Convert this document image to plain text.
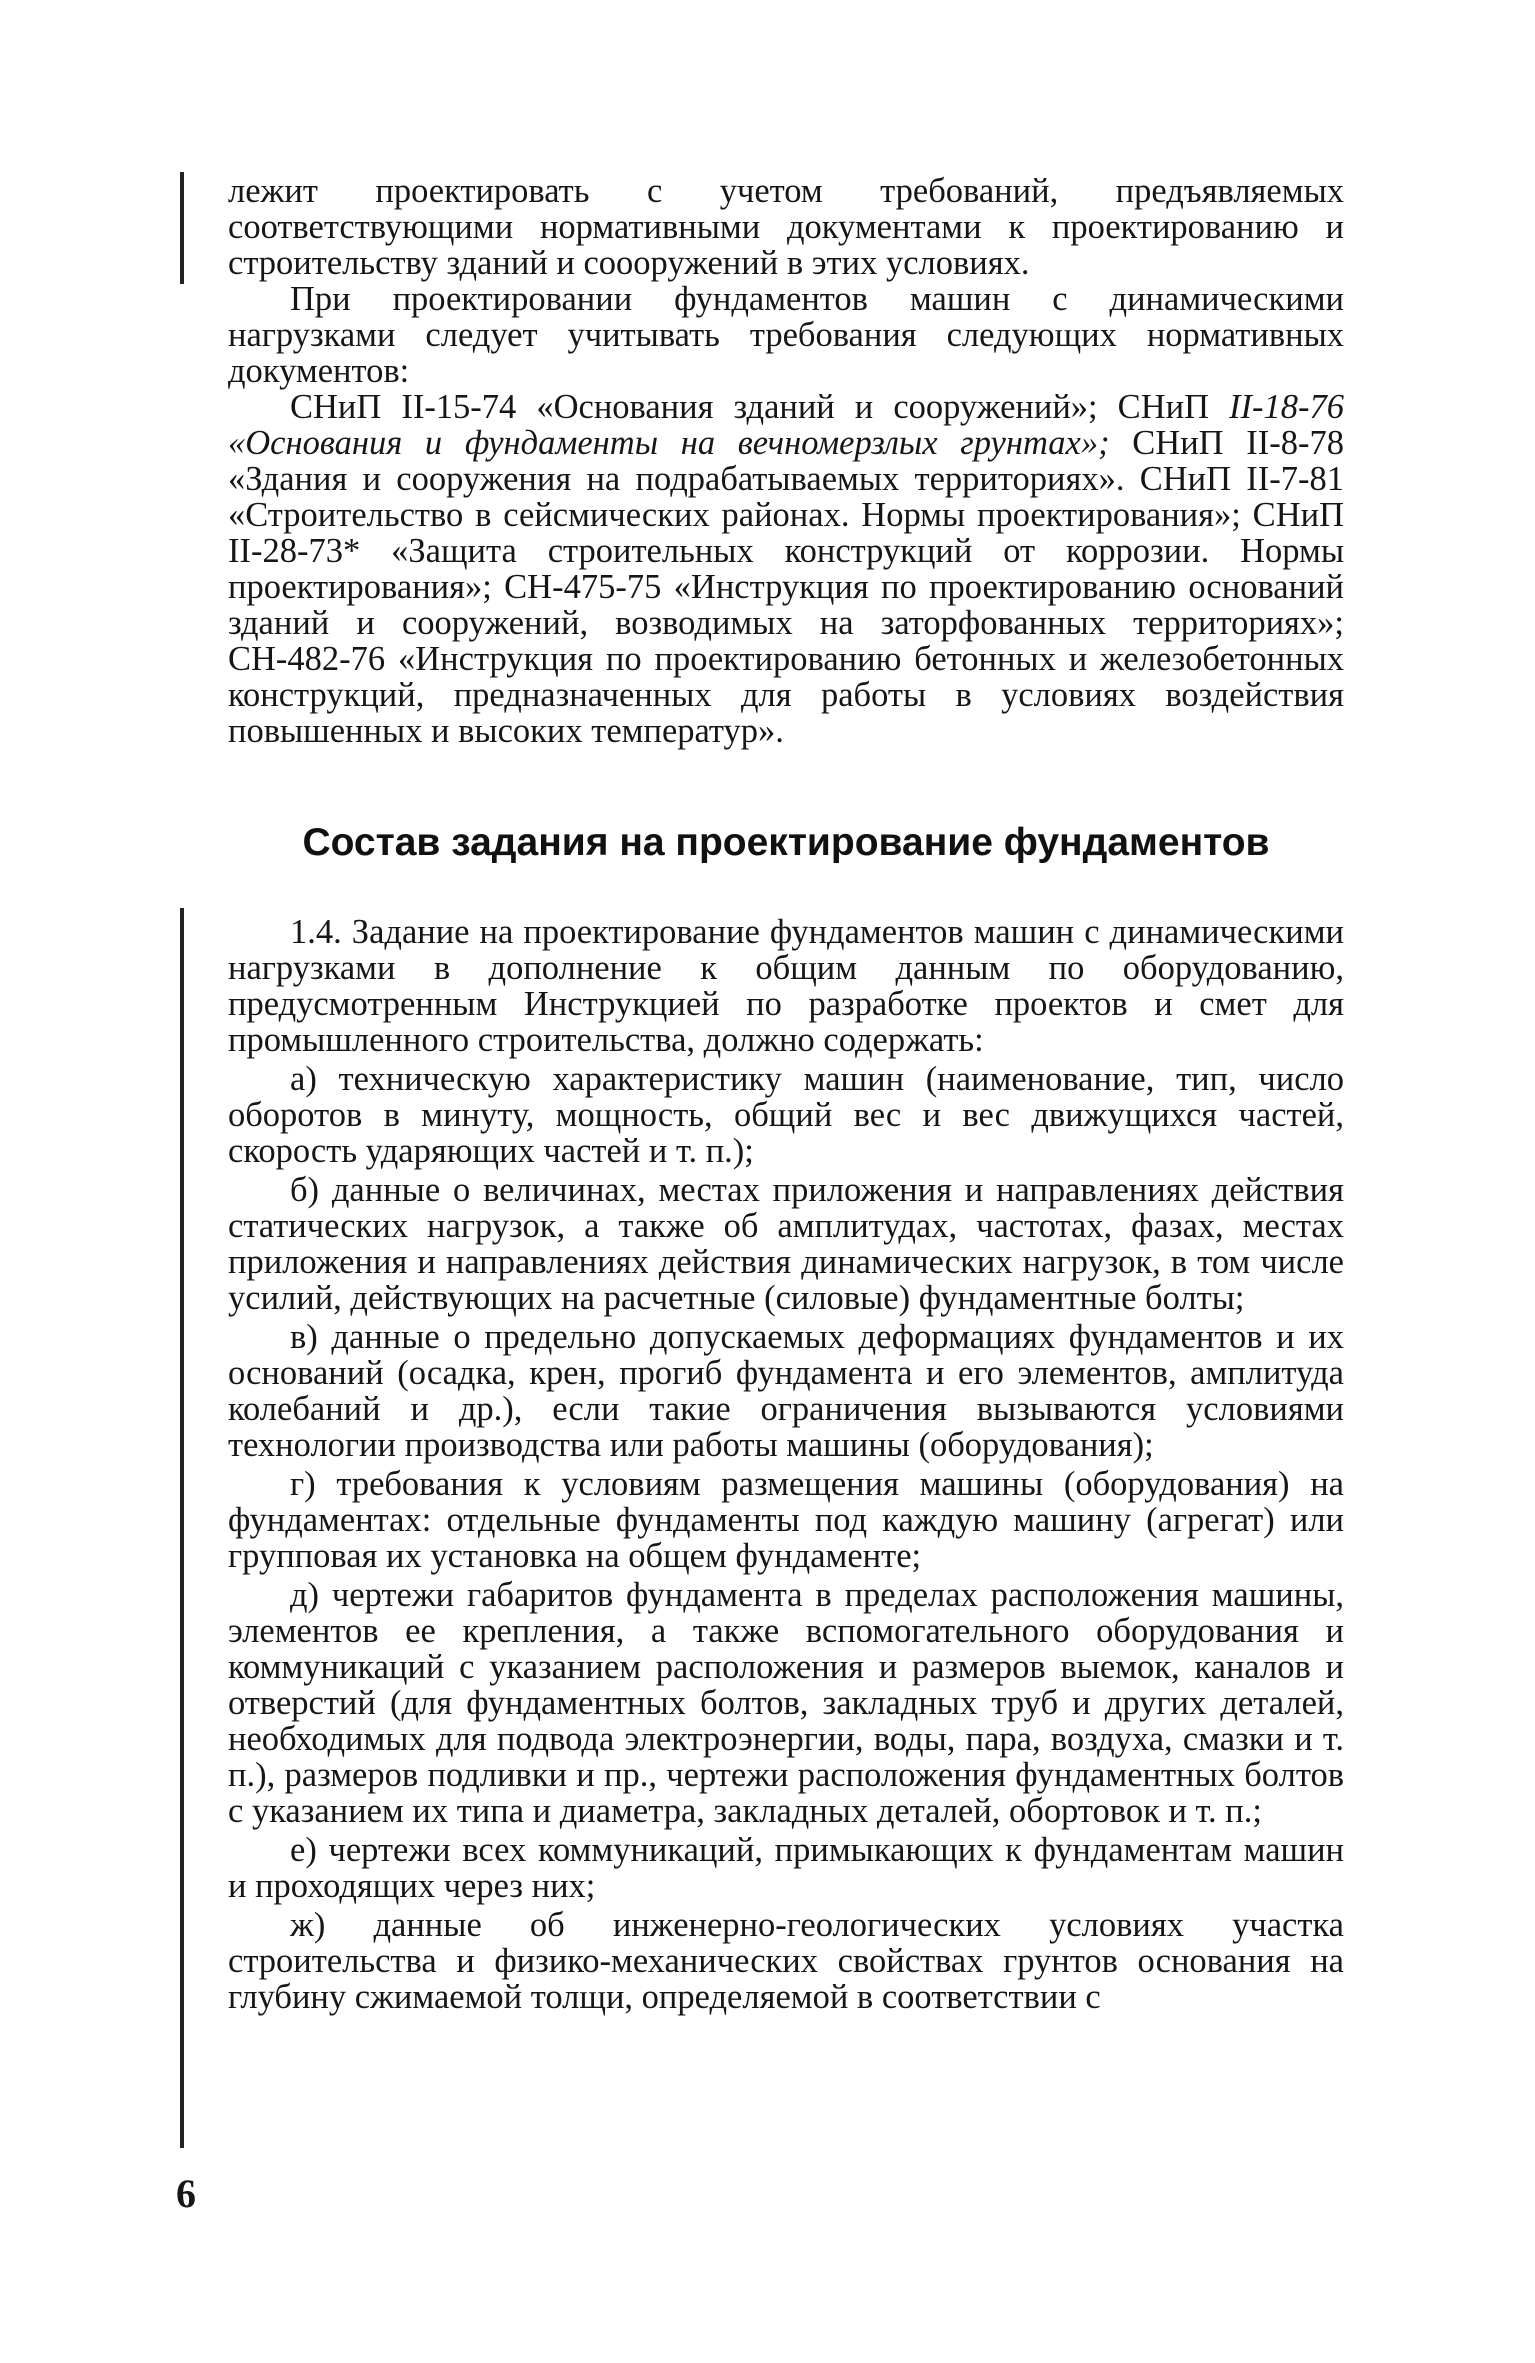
лежит проектировать с учетом требований, предъявляемых соответствующими нормативными документами к проектированию и строительству зданий и соооружений в этих условиях.

При проектировании фундаментов машин с динамическими нагрузками следует учитывать требования следующих нормативных документов:

СНиП II-15-74 «Основания зданий и сооружений»; СНиП II-18-76 «Основания и фундаменты на вечномерзлых грунтах»; СНиП II-8-78 «Здания и сооружения на подрабатываемых территориях». СНиП II-7-81 «Строительство в сейсмических районах. Нормы проектирования»; СНиП II-28-73* «Защита строительных конструкций от коррозии. Нормы проектирования»; СН-475-75 «Инструкция по проектированию оснований зданий и сооружений, возводимых на заторфованных территориях»; СН-482-76 «Инструкция по проектированию бетонных и железобетонных конструкций, предназначенных для работы в условиях воздействия повышенных и высоких температур».

Состав задания на проектирование фундаментов

1.4. Задание на проектирование фундаментов машин с динамическими нагрузками в дополнение к общим данным по оборудованию, предусмотренным Инструкцией по разработке проектов и смет для промышленного строительства, должно содержать:

а) техническую характеристику машин (наименование, тип, число оборотов в минуту, мощность, общий вес и вес движущихся частей, скорость ударяющих частей и т. п.);

б) данные о величинах, местах приложения и направлениях действия статических нагрузок, а также об амплитудах, частотах, фазах, местах приложения и направлениях действия динамических нагрузок, в том числе усилий, действующих на расчетные (силовые) фундаментные болты;

в) данные о предельно допускаемых деформациях фундаментов и их оснований (осадка, крен, прогиб фундамента и его элементов, амплитуда колебаний и др.), если такие ограничения вызываются условиями технологии производства или работы машины (оборудования);

г) требования к условиям размещения машины (оборудования) на фундаментах: отдельные фундаменты под каждую машину (агрегат) или групповая их установка на общем фундаменте;

д) чертежи габаритов фундамента в пределах расположения машины, элементов ее крепления, а также вспомогательного оборудования и коммуникаций с указанием расположения и размеров выемок, каналов и отверстий (для фундаментных болтов, закладных труб и других деталей, необходимых для подвода электроэнергии, воды, пара, воздуха, смазки и т. п.), размеров подливки и пр., чертежи расположения фундаментных болтов с указанием их типа и диаметра, закладных деталей, обортовок и т. п.;

е) чертежи всех коммуникаций, примыкающих к фундаментам машин и проходящих через них;

ж) данные об инженерно-геологических условиях участка строительства и физико-механических свойствах грунтов основания на глубину сжимаемой толщи, определяемой в соответствии с

6
